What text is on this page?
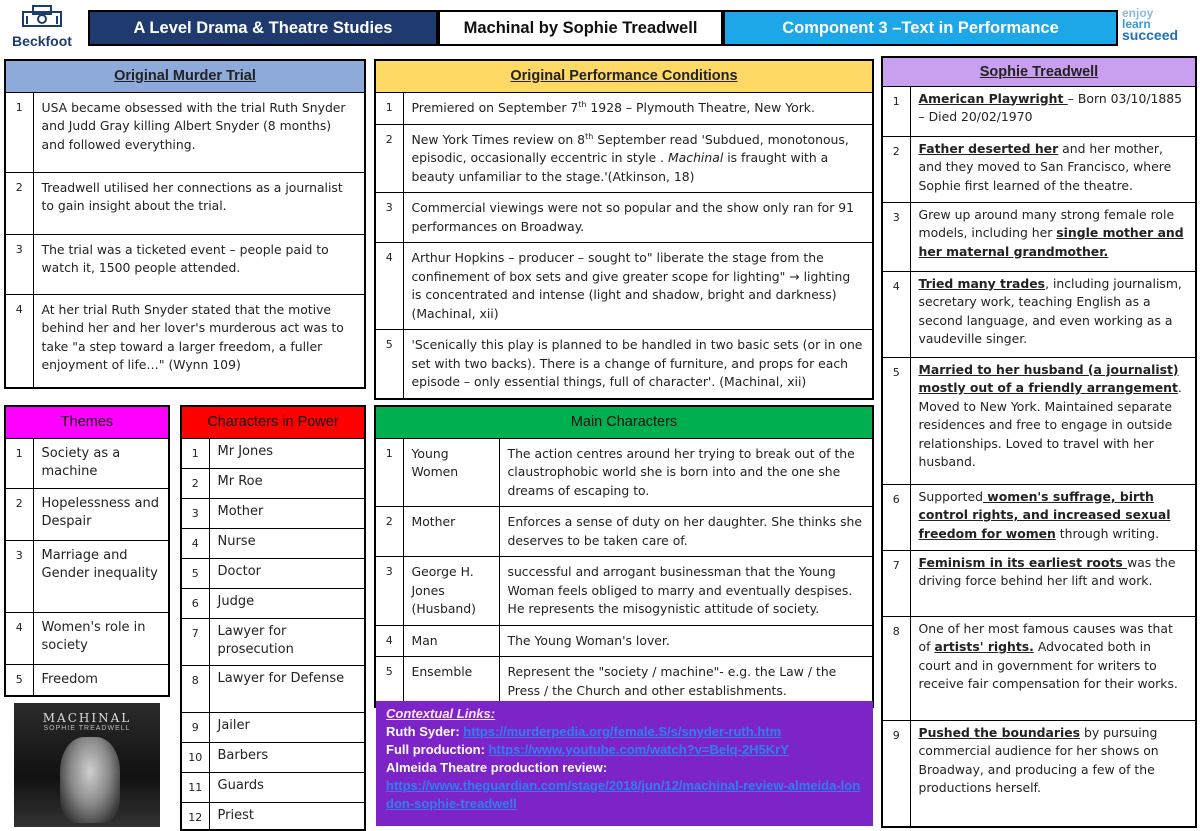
Beckfoot
A Level Drama & Theatre Studies	Machinal by Sophie Treadwell	Component 3 –Text in Performance
enjoy
learn
succeed
Original Murder Trial	
1	USA became obsessed with the trial Ruth Snyder and Judd Gray killing Albert Snyder (8 months) and followed everything.
2	Treadwell utilised her connections as a journalist to gain insight about the trial.
3	The trial was a ticketed event – people paid to watch it, 1500 people attended.
4	At her trial Ruth Snyder stated that the motive behind her and her lover's murderous act was to take "a step toward a larger freedom, a fuller enjoyment of life…" (Wynn 109)
Original Performance Conditions	
1	Premiered on September 7th 1928 – Plymouth Theatre, New York.
2	New York Times review on 8th September read 'Subdued, monotonous, episodic, occasionally eccentric in style . Machinal is fraught with a beauty unfamiliar to the stage.'(Atkinson, 18)
3	Commercial viewings were not so popular and the show only ran for 91 performances on Broadway.
4	Arthur Hopkins – producer – sought to" liberate the stage from the confinement of box sets and give greater scope for lighting" → lighting is concentrated and intense (light and shadow, bright and darkness) (Machinal, xii)
5	'Scenically this play is planned to be handled in two basic sets (or in one set with two backs). There is a change of furniture, and props for each episode – only essential things, full of character'. (Machinal, xii)
Sophie Treadwell	
1	American Playwright – Born 03/10/1885 – Died 20/02/1970
2	Father deserted her and her mother, and they moved to San Francisco, where Sophie first learned of the theatre.
3	Grew up around many strong female role models, including her single mother and her maternal grandmother.
4	Tried many trades, including journalism, secretary work, teaching English as a second language, and even working as a vaudeville singer.
5	Married to her husband (a journalist) mostly out of a friendly arrangement. Moved to New York. Maintained separate residences and free to engage in outside relationships. Loved to travel with her husband.
6	Supported women's suffrage, birth control rights, and increased sexual freedom for women through writing.
7	Feminism in its earliest roots was the driving force behind her lift and work.
8	One of her most famous causes was that of artists' rights. Advocated both in court and in government for writers to receive fair compensation for their works.
9	Pushed the boundaries by pursuing commercial audience for her shows on Broadway, and producing a few of the productions herself.
Themes	
1	Society as a machine
2	Hopelessness and Despair
3	Marriage and Gender inequality
4	Women's role in society
5	Freedom
MACHINAL
SOPHIE TREADWELL
Characters in Power	
1	Mr Jones
2	Mr Roe
3	Mother
4	Nurse
5	Doctor
6	Judge
7	Lawyer for prosecution
8	Lawyer for Defense
9	Jailer
10	Barbers
11	Guards
12	Priest
Main Characters		
1	Young Women	The action centres around her trying to break out of the claustrophobic world she is born into and the one she dreams of escaping to.
2	Mother	Enforces a sense of duty on her daughter. She thinks she deserves to be taken care of.
3	George H. Jones (Husband)	successful and arrogant businessman that the Young Woman feels obliged to marry and eventually despises. He represents the misogynistic attitude of society.
4	Man	The Young Woman's lover.
5	Ensemble	Represent the "society / machine"- e.g. the Law / the Press / the Church and other establishments.
Contextual Links:
Ruth Syder: https://murderpedia.org/female.S/s/snyder-ruth.htm
Full production: https://www.youtube.com/watch?v=Belq-2H5KrY
Almeida Theatre production review:
https://www.theguardian.com/stage/2018/jun/12/machinal-review-almeida-london-sophie-treadwell
